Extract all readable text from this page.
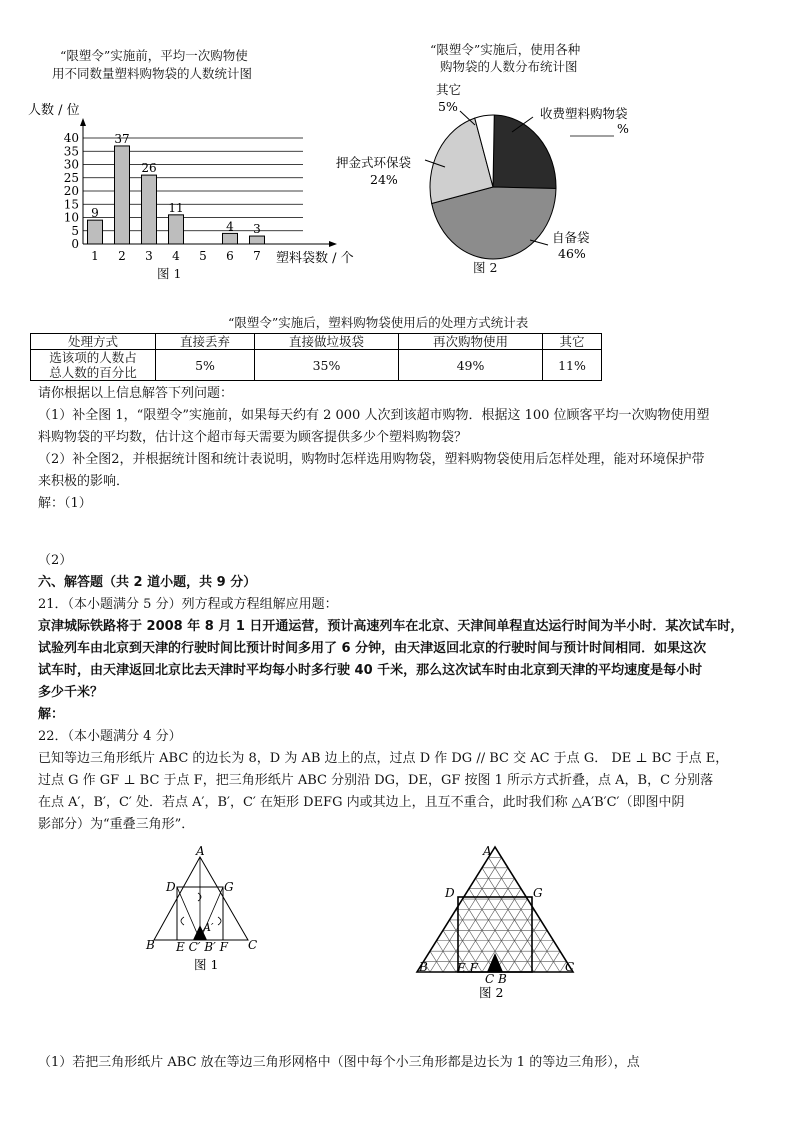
“限塑令”实施前，平均一次购物使
用不同数量塑料购物袋的人数统计图
人数 / 位
塑料袋数 / 个
0
5
10
15
20
25
30
35
40
1 2 3 4 5 6 7
9
37
26
11
4 3
图 1
“限塑令”实施后，使用各种
购物袋的人数分布统计图
其它
5%	收费塑料购物袋
%
押金式环保袋
24%
自备袋
46%
图 2
“限塑令”实施后，塑料购物袋使用后的处理方式统计表
处理方式	直接丢弃	直接做垃圾袋	再次购物使用	其它

选该项的人数占
总人数的百分比	5%	35%	49%	11%
请你根据以上信息解答下列问题：
（1）补全图 1，“限塑令”实施前，如果每天约有 2 000 人次到该超市购物．根据这 100 位顾客平均一次购物使用塑
料购物袋的平均数，估计这个超市每天需要为顾客提供多少个塑料购物袋？
（2）补全图2，并根据统计图和统计表说明，购物时怎样选用购物袋，塑料购物袋使用后怎样处理，能对环境保护带
来积极的影响．
解：（1）
（2）
六、解答题（共 2 道小题，共 9 分）
21．（本小题满分 5 分）列方程或方程组解应用题：
京津城际铁路将于 2008 年 8 月 1 日开通运营，预计高速列车在北京、天津间单程直达运行时间为半小时．某次试车时，
试验列车由北京到天津的行驶时间比预计时间多用了 6 分钟，由天津返回北京的行驶时间与预计时间相同．如果这次
试车时，由天津返回北京比去天津时平均每小时多行驶 40 千米，那么这次试车时由北京到天津的平均速度是每小时
多少千米？
解：
22．（本小题满分 4 分）
已知等边三角形纸片 ABC 的边长为 8，D 为 AB 边上的点，过点 D 作 DG // BC 交 AC 于点 G． DE ⊥ BC 于点 E，
过点 G 作 GF ⊥ BC 于点 F，把三角形纸片 ABC 分别沿 DG，DE，GF 按图 1 所示方式折叠，点 A，B，C 分别落
在点 A′，B′，C′ 处．若点 A′，B′，C′ 在矩形 DEFG 内或其边上，且互不重合，此时我们称 △A′B′C′（即图中阴
影部分）为“重叠三角形”．
A
D	G
B	C
E C′ B′ F
A′
图 1
A
D	G
B	C
E F
C B
图 2
（1）若把三角形纸片 ABC 放在等边三角形网格中（图中每个小三角形都是边长为 1 的等边三角形），点
